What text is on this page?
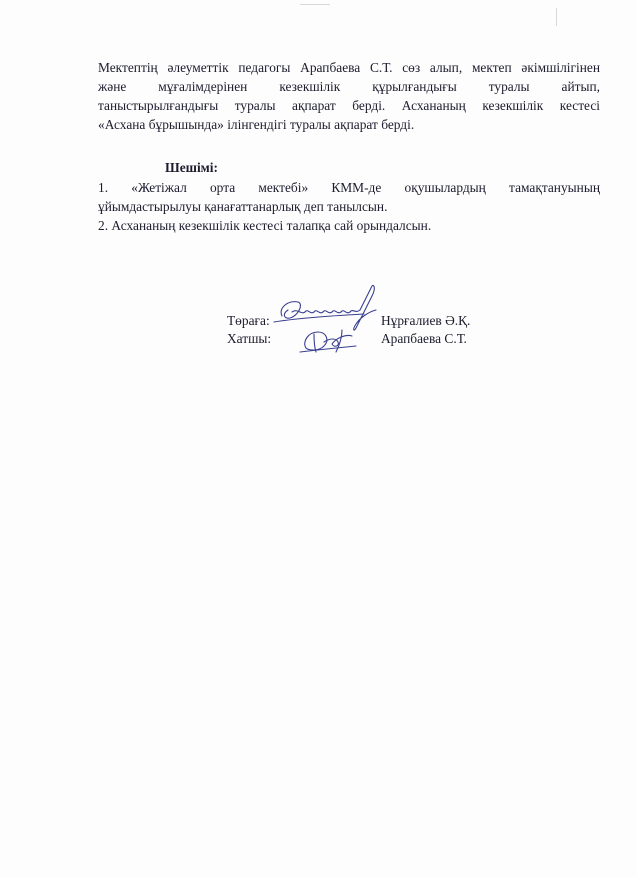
Мектептің әлеуметтік педагогы Арапбаева С.Т. сөз алып, мектеп әкімшілігінен
және мұғалімдерінен кезекшілік құрылғандығы туралы айтып,
таныстырылғандығы туралы ақпарат берді. Асхананың кезекшілік кестесі
«Асхана бұрышында» ілінгендігі туралы ақпарат берді.
Шешімі:
1. «Жетіжал орта мектебі» КММ-де оқушылардың тамақтануының
ұйымдастырылуы қанағаттанарлық деп танылсын.
2. Асхананың кезекшілік кестесі талапқа сай орындалсын.
Төраға:	Нұрғалиев Ә.Қ.
Хатшы:	Арапбаева С.Т.
